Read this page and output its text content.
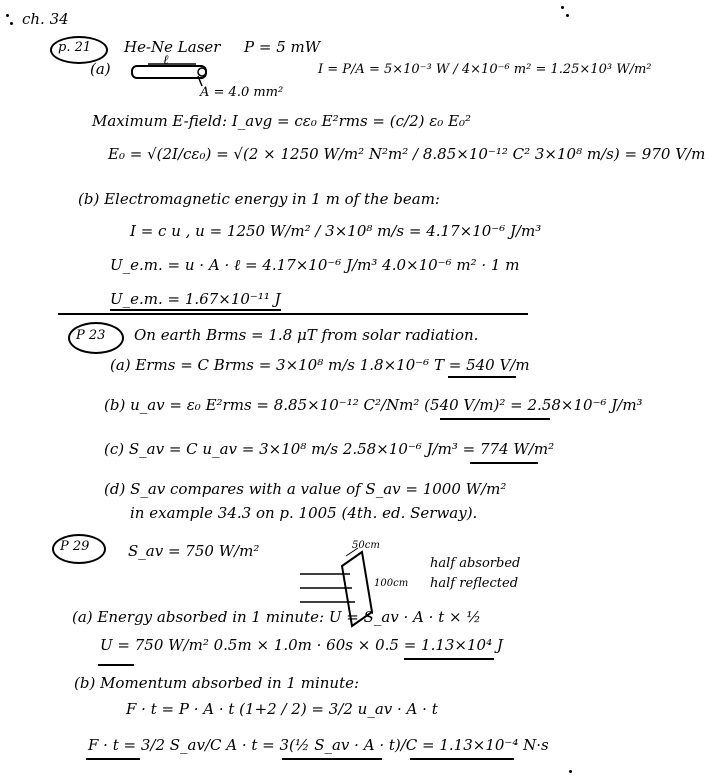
ch. 34
p. 21 He-Ne Laser P = 5 mW
(a)	ℓ
A = 4.0 mm²
I = P/A = 5×10⁻³ W / 4×10⁻⁶ m² = 1.25×10³ W/m²
Maximum E-field: I_avg = cε₀ E²rms = (c/2) ε₀ E₀²
E₀ = √(2I/cε₀) = √(2 × 1250 W/m² N²m² / 8.85×10⁻¹² C² 3×10⁸ m/s) = 970 V/m
(b) Electromagnetic energy in 1 m of the beam:
I = c u , u = 1250 W/m² / 3×10⁸ m/s = 4.17×10⁻⁶ J/m³
U_e.m. = u · A · ℓ = 4.17×10⁻⁶ J/m³ 4.0×10⁻⁶ m² · 1 m
U_e.m. = 1.67×10⁻¹¹ J
P 23 On earth Brms = 1.8 μT from solar radiation.
(a) Erms = C Brms = 3×10⁸ m/s 1.8×10⁻⁶ T = 540 V/m
(b) u_av = ε₀ E²rms = 8.85×10⁻¹² C²/Nm² (540 V/m)² = 2.58×10⁻⁶ J/m³
(c) S_av = C u_av = 3×10⁸ m/s 2.58×10⁻⁶ J/m³ = 774 W/m²
(d) S_av compares with a value of S_av = 1000 W/m²
in example 34.3 on p. 1005 (4th. ed. Serway).
P 29	S_av = 750 W/m²	50cm
100cm
half absorbed
half reflected
(a) Energy absorbed in 1 minute: U = S_av · A · t × ½
U = 750 W/m² 0.5m × 1.0m · 60s × 0.5 = 1.13×10⁴ J
(b) Momentum absorbed in 1 minute:
F · t = P · A · t (1+2 / 2) = 3/2 u_av · A · t
F · t = 3/2 S_av/C A · t = 3(½ S_av · A · t)/C = 1.13×10⁻⁴ N·s
